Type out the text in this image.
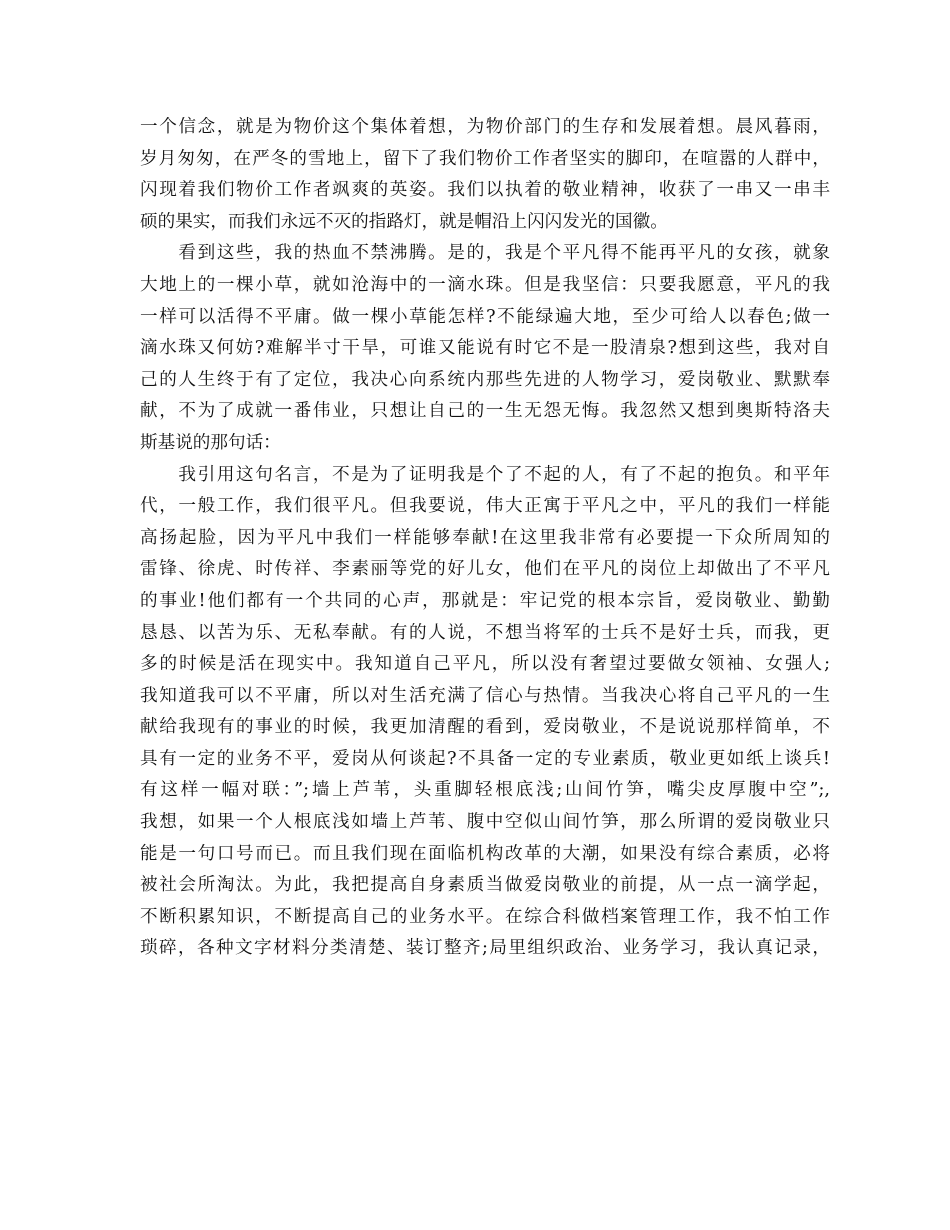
一个信念，就是为物价这个集体着想，为物价部门的生存和发展着想。晨风暮雨，
岁月匆匆，在严冬的雪地上，留下了我们物价工作者坚实的脚印，在喧嚣的人群中，
闪现着我们物价工作者飒爽的英姿。我们以执着的敬业精神，收获了一串又一串丰
硕的果实，而我们永远不灭的指路灯，就是帽沿上闪闪发光的国徽。
　　看到这些，我的热血不禁沸腾。是的，我是个平凡得不能再平凡的女孩，就象
大地上的一棵小草，就如沧海中的一滴水珠。但是我坚信：只要我愿意，平凡的我
一样可以活得不平庸。做一棵小草能怎样?不能绿遍大地，至少可给人以春色;做一
滴水珠又何妨?难解半寸干旱，可谁又能说有时它不是一股清泉?想到这些，我对自
己的人生终于有了定位，我决心向系统内那些先进的人物学习，爱岗敬业、默默奉
献，不为了成就一番伟业，只想让自己的一生无怨无悔。我忽然又想到奥斯特洛夫
斯基说的那句话：
　　我引用这句名言，不是为了证明我是个了不起的人，有了不起的抱负。和平年
代，一般工作，我们很平凡。但我要说，伟大正寓于平凡之中，平凡的我们一样能
高扬起脸，因为平凡中我们一样能够奉献!在这里我非常有必要提一下众所周知的
雷锋、徐虎、时传祥、李素丽等党的好儿女，他们在平凡的岗位上却做出了不平凡
的事业!他们都有一个共同的心声，那就是：牢记党的根本宗旨，爱岗敬业、勤勤
恳恳、以苦为乐、无私奉献。有的人说，不想当将军的士兵不是好士兵，而我，更
多的时候是活在现实中。我知道自己平凡，所以没有奢望过要做女领袖、女强人;
我知道我可以不平庸，所以对生活充满了信心与热情。当我决心将自己平凡的一生
献给我现有的事业的时候，我更加清醒的看到，爱岗敬业，不是说说那样简单，不
具有一定的业务不平，爱岗从何谈起?不具备一定的专业素质，敬业更如纸上谈兵!
有这样一幅对联：”;墙上芦苇，头重脚轻根底浅;山间竹笋，嘴尖皮厚腹中空”;,
我想，如果一个人根底浅如墙上芦苇、腹中空似山间竹笋，那么所谓的爱岗敬业只
能是一句口号而已。而且我们现在面临机构改革的大潮，如果没有综合素质，必将
被社会所淘汰。为此，我把提高自身素质当做爱岗敬业的前提，从一点一滴学起，
不断积累知识，不断提高自己的业务水平。在综合科做档案管理工作，我不怕工作
琐碎，各种文字材料分类清楚、装订整齐;局里组织政治、业务学习，我认真记录，
